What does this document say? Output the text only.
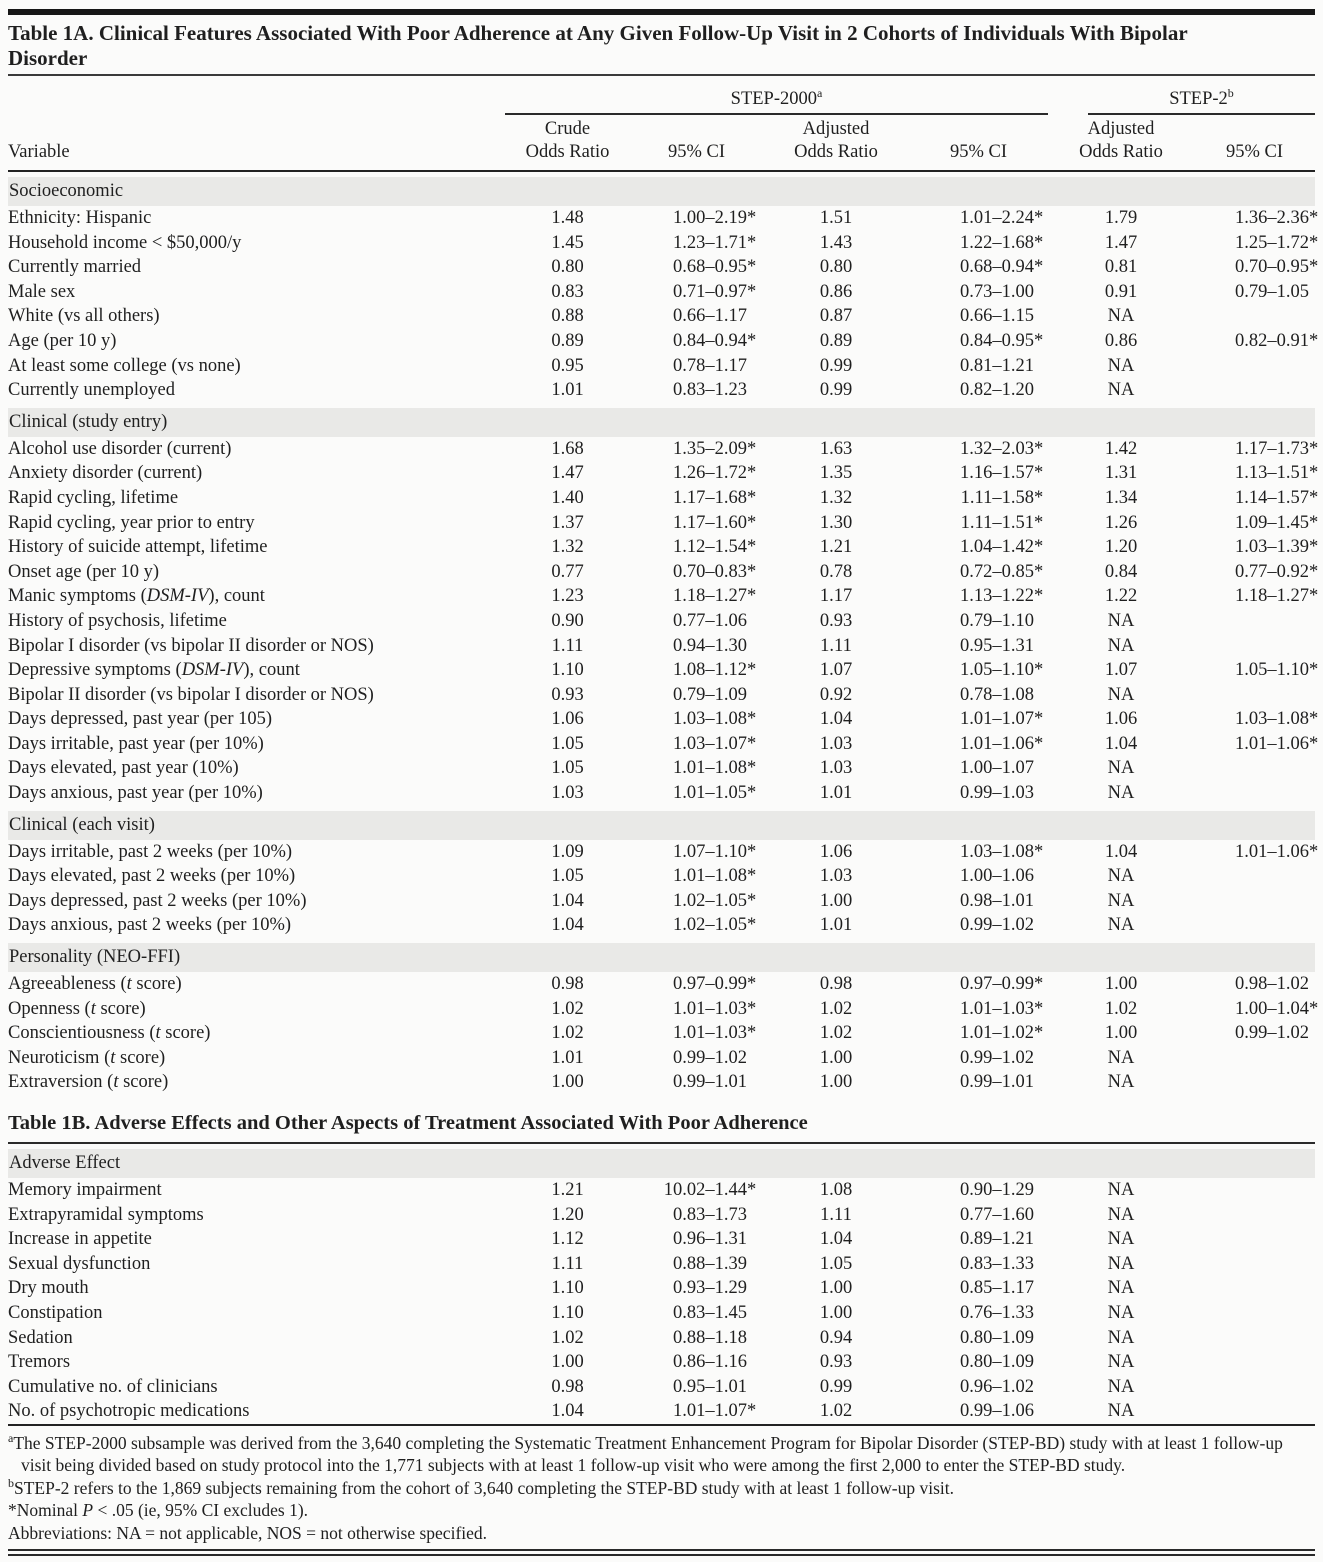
Table 1A. Clinical Features Associated With Poor Adherence at Any Given Follow-Up Visit in 2 Cohorts of Individuals With Bipolar Disorder
STEP-2000$^a$	STEP-2$^b$
Variable
Crude
Odds Ratio	95% CI
Adjusted
Odds Ratio	95% CI
Adjusted
Odds Ratio	95% CI
Socioeconomic
Ethnicity: Hispanic	1.48	1.00–2.19*	1.51	1.01–2.24*	1.79	1.36–2.36*
Household income < $50,000/y	1.45	1.23–1.71*	1.43	1.22–1.68*	1.47	1.25–1.72*
Currently married	0.80	0.68–0.95*	0.80	0.68–0.94*	0.81	0.70–0.95*
Male sex	0.83	0.71–0.97*	0.86	0.73–1.00	0.91	0.79–1.05
White (vs all others)	0.88	0.66–1.17	0.87	0.66–1.15	NA
Age (per 10 y)	0.89	0.84–0.94*	0.89	0.84–0.95*	0.86	0.82–0.91*
At least some college (vs none)	0.95	0.78–1.17	0.99	0.81–1.21	NA
Currently unemployed	1.01	0.83–1.23	0.99	0.82–1.20	NA
Clinical (study entry)
Alcohol use disorder (current)	1.68	1.35–2.09*	1.63	1.32–2.03*	1.42	1.17–1.73*
Anxiety disorder (current)	1.47	1.26–1.72*	1.35	1.16–1.57*	1.31	1.13–1.51*
Rapid cycling, lifetime	1.40	1.17–1.68*	1.32	1.11–1.58*	1.34	1.14–1.57*
Rapid cycling, year prior to entry	1.37	1.17–1.60*	1.30	1.11–1.51*	1.26	1.09–1.45*
History of suicide attempt, lifetime	1.32	1.12–1.54*	1.21	1.04–1.42*	1.20	1.03–1.39*
Onset age (per 10 y)	0.77	0.70–0.83*	0.78	0.72–0.85*	0.84	0.77–0.92*
Manic symptoms (DSM-IV), count	1.23	1.18–1.27*	1.17	1.13–1.22*	1.22	1.18–1.27*
History of psychosis, lifetime	0.90	0.77–1.06	0.93	0.79–1.10	NA
Bipolar I disorder (vs bipolar II disorder or NOS)	1.11	0.94–1.30	1.11	0.95–1.31	NA
Depressive symptoms (DSM-IV), count	1.10	1.08–1.12*	1.07	1.05–1.10*	1.07	1.05–1.10*
Bipolar II disorder (vs bipolar I disorder or NOS)	0.93	0.79–1.09	0.92	0.78–1.08	NA
Days depressed, past year (per 105)	1.06	1.03–1.08*	1.04	1.01–1.07*	1.06	1.03–1.08*
Days irritable, past year (per 10%)	1.05	1.03–1.07*	1.03	1.01–1.06*	1.04	1.01–1.06*
Days elevated, past year (10%)	1.05	1.01–1.08*	1.03	1.00–1.07	NA
Days anxious, past year (per 10%)	1.03	1.01–1.05*	1.01	0.99–1.03	NA
Clinical (each visit)
Days irritable, past 2 weeks (per 10%)	1.09	1.07–1.10*	1.06	1.03–1.08*	1.04	1.01–1.06*
Days elevated, past 2 weeks (per 10%)	1.05	1.01–1.08*	1.03	1.00–1.06	NA
Days depressed, past 2 weeks (per 10%)	1.04	1.02–1.05*	1.00	0.98–1.01	NA
Days anxious, past 2 weeks (per 10%)	1.04	1.02–1.05*	1.01	0.99–1.02	NA
Personality (NEO-FFI)
Agreeableness (t score)	0.98	0.97–0.99*	0.98	0.97–0.99*	1.00	0.98–1.02
Openness (t score)	1.02	1.01–1.03*	1.02	1.01–1.03*	1.02	1.00–1.04*
Conscientiousness (t score)	1.02	1.01–1.03*	1.02	1.01–1.02*	1.00	0.99–1.02
Neuroticism (t score)	1.01	0.99–1.02	1.00	0.99–1.02	NA
Extraversion (t score)	1.00	0.99–1.01	1.00	0.99–1.01	NA
Table 1B. Adverse Effects and Other Aspects of Treatment Associated With Poor Adherence
Adverse Effect
Memory impairment	1.21	10.02–1.44*	1.08	0.90–1.29	NA
Extrapyramidal symptoms	1.20	0.83–1.73	1.11	0.77–1.60	NA
Increase in appetite	1.12	0.96–1.31	1.04	0.89–1.21	NA
Sexual dysfunction	1.11	0.88–1.39	1.05	0.83–1.33	NA
Dry mouth	1.10	0.93–1.29	1.00	0.85–1.17	NA
Constipation	1.10	0.83–1.45	1.00	0.76–1.33	NA
Sedation	1.02	0.88–1.18	0.94	0.80–1.09	NA
Tremors	1.00	0.86–1.16	0.93	0.80–1.09	NA
Cumulative no. of clinicians	0.98	0.95–1.01	0.99	0.96–1.02	NA
No. of psychotropic medications	1.04	1.01–1.07*	1.02	0.99–1.06	NA
$^a$The STEP-2000 subsample was derived from the 3,640 completing the Systematic Treatment Enhancement Program for Bipolar Disorder (STEP-BD) study with at least 1 follow-up visit being divided based on study protocol into the 1,771 subjects with at least 1 follow-up visit who were among the first 2,000 to enter the STEP-BD study.
$^b$STEP-2 refers to the 1,869 subjects remaining from the cohort of 3,640 completing the STEP-BD study with at least 1 follow-up visit.
*Nominal P < .05 (ie, 95% CI excludes 1).
Abbreviations: NA = not applicable, NOS = not otherwise specified.
